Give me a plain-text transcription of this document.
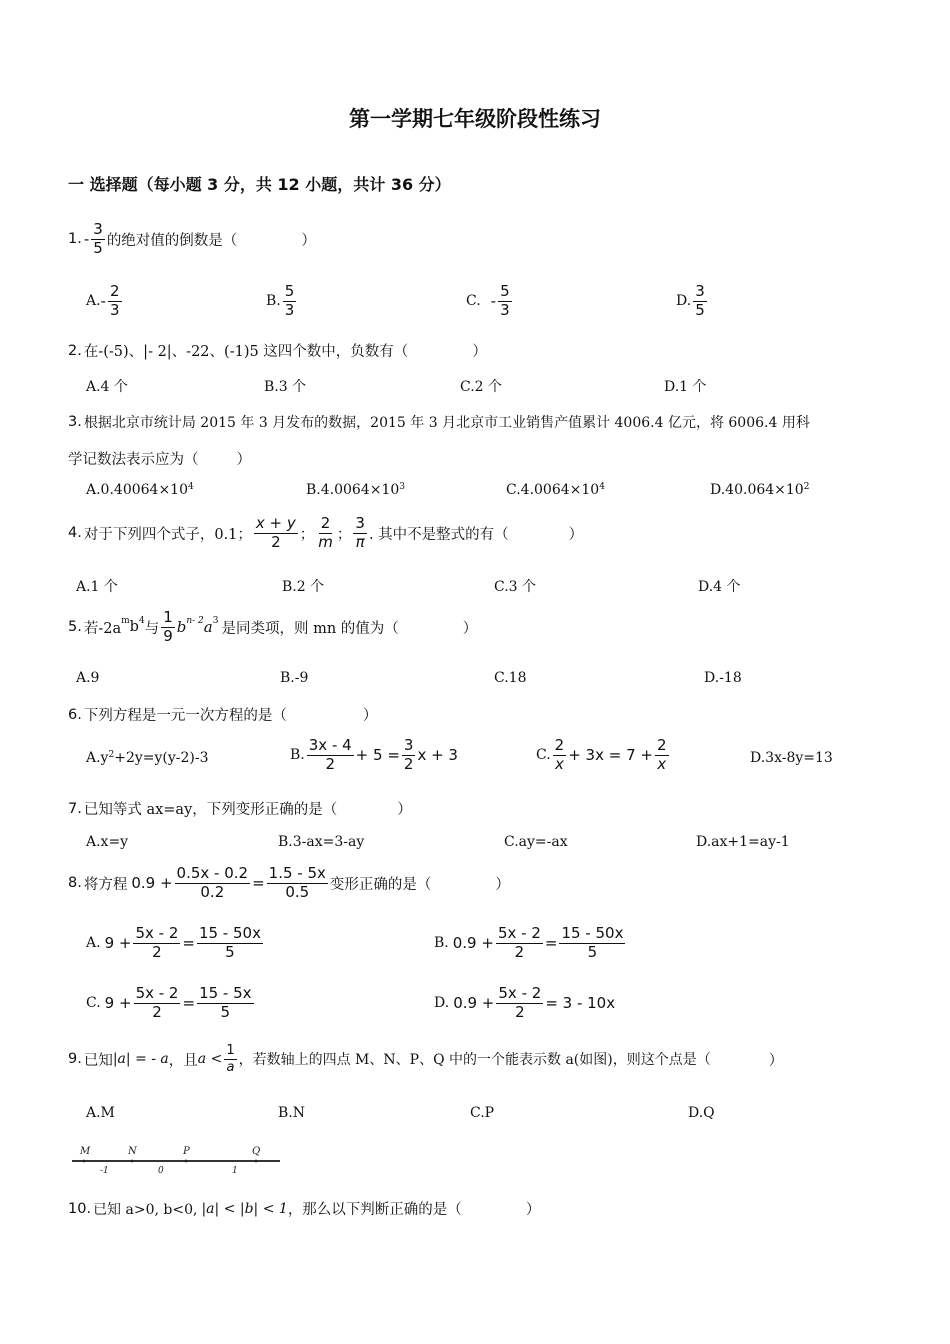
第一学期七年级阶段性练习
一 选择题（每小题 3 分，共 12 小题，共计 36 分）
1. - $\frac{3}{5}$ 的绝对值的倒数是（	）
A. - $\frac{2}{3}$	B. $\frac{5}{3}$	C. - $\frac{5}{3}$	D. $\frac{3}{5}$
2. 在-(-5)、|- 2|、-22、(-1)5 这四个数中，负数有（	）
A.4 个	B.3 个	C.2 个	D.1 个
3. 根据北京市统计局 2015 年 3 月发布的数据，2015 年 3 月北京市工业销售产值累计 4006.4 亿元，将 6006.4 用科
学记数法表示应为（	）
$A.0.40064\times 10^4$	$B.4.0064\times 10^3$	$C.4.0064\times 10^4$	$D.40.064\times 10^2$
4. 对于下列四个式子，0.1； $\frac{x + y}{2}$ ； $\frac{2}{m}$ ； $\frac{3}{\pi}$ . 其中不是整式的有（	）
A.1 个	B.2 个	C.3 个	D.4 个
5. 若$-2a^m$ $b^4$ 与 $\frac{1}{9} b^{n- 2}$ $a^3$ 是同类项，则 mn 的值为（	）
A.9	B.-9	C.18	D.-18
6. 下列方程是一元一次方程的是（	）
$A.y^2 +2y=y(y-2)-3$	B. $\frac{3x - 4}{2} + 5 = \frac{3}{2}$ x + 3	C. $\frac{2}{x} + 3x = 7 + \frac{2}{x}$	D.3x-8y=13
7. 已知等式 ax=ay，下列变形正确的是（	）
A.x=y	B.3-ax=3-ay	C.ay=-ax	D.ax+1=ay-1
8. 将方程 $0.9 + \frac{0.5x - 0.2}{0.2} = \frac{1.5 - 5x}{0.5}$ 变形正确的是（	）
A. $9 + \frac{5x - 2}{2} = \frac{15 - 50x}{5}$	B. $0.9 + \frac{5x - 2}{2} = \frac{15 - 50x}{5}$
C. $9 + \frac{5x - 2}{2} = \frac{15 - 5x}{5}$	D. $0.9 + \frac{5x - 2}{2} = 3 - 10x$
9. 已知 |a| = - a ，且 $a < \frac{1}{a}$ ，若数轴上的四点 M、N、P、Q 中的一个能表示数 a(如图)，则这个点是（	）
A.M	B.N	C.P	D.Q
M	N	P	Q
-1	0	1
10. 已知 a>0, b<0, |a| < |b| < 1 ，那么以下判断正确的是（	）
